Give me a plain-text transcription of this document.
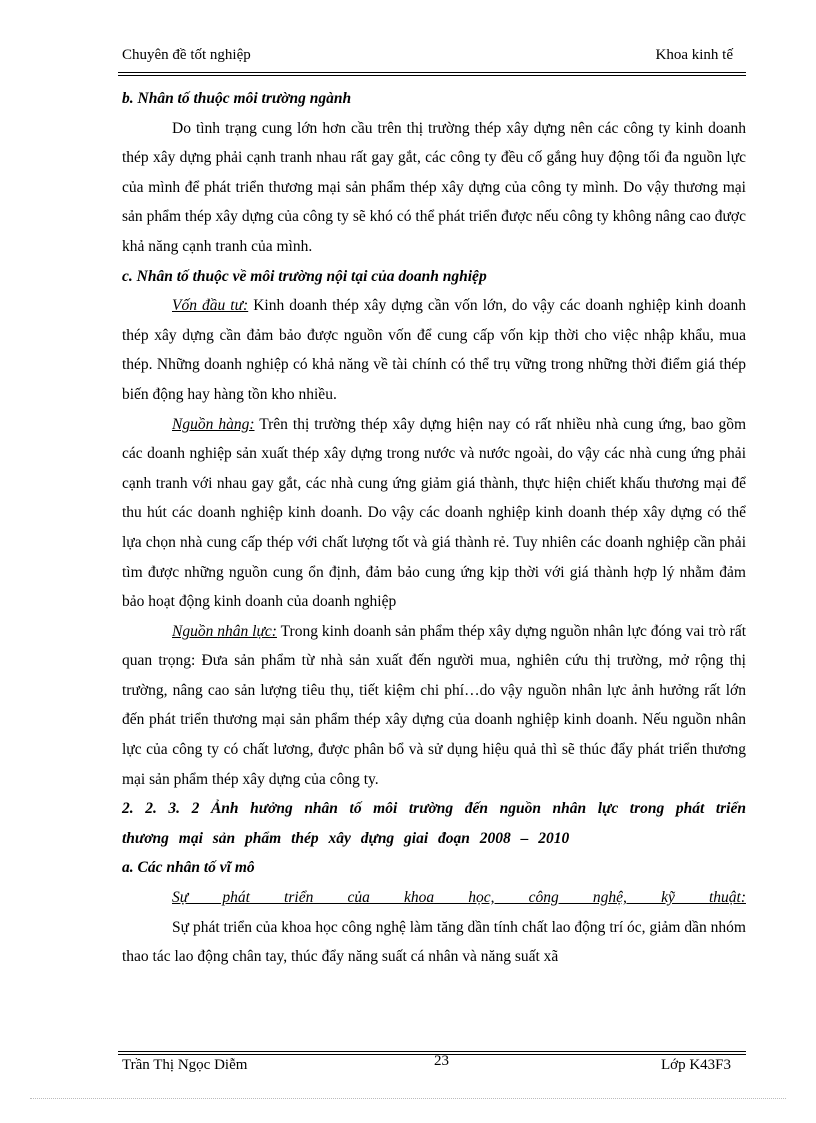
Chuyên đề tốt nghiệp	Khoa kinh tế

b. Nhân tố thuộc môi trường ngành

Do tình trạng cung lớn hơn cầu trên thị trường thép xây dựng nên các công ty kinh doanh thép xây dựng phải cạnh tranh nhau rất gay gắt, các công ty đều cố gắng huy động tối đa nguồn lực của mình để phát triển thương mại sản phẩm thép xây dựng của công ty mình. Do vậy thương mại sản phẩm thép xây dựng của công ty sẽ khó có thể phát triển được nếu công ty không nâng cao được khả năng cạnh tranh của mình.

c. Nhân tố thuộc về môi trường nội tại của doanh nghiệp

Vốn đầu tư: Kinh doanh thép xây dựng cần vốn lớn, do vậy các doanh nghiệp kinh doanh thép xây dựng cần đảm bảo được nguồn vốn để cung cấp vốn kịp thời cho việc nhập khẩu, mua thép. Những doanh nghiệp có khả năng về tài chính có thể trụ vững trong những thời điểm giá thép biến động hay hàng tồn kho nhiều.

Nguồn hàng: Trên thị trường thép xây dựng hiện nay có rất nhiều nhà cung ứng, bao gồm các doanh nghiệp sản xuất thép xây dựng trong nước và nước ngoài, do vậy các nhà cung ứng phải cạnh tranh với nhau gay gắt, các nhà cung ứng giảm giá thành, thực hiện chiết khấu thương mại để thu hút các doanh nghiệp kinh doanh. Do vậy các doanh nghiệp kinh doanh thép xây dựng có thể lựa chọn nhà cung cấp thép với chất lượng tốt và giá thành rẻ. Tuy nhiên các doanh nghiệp cần phải tìm được những nguồn cung ổn định, đảm bảo cung ứng kịp thời với giá thành hợp lý nhằm đảm bảo hoạt động kinh doanh của doanh nghiệp

Nguồn nhân lực: Trong kinh doanh sản phẩm thép xây dựng nguồn nhân lực đóng vai trò rất quan trọng: Đưa sản phẩm từ nhà sản xuất đến người mua, nghiên cứu thị trường, mở rộng thị trường, nâng cao sản lượng tiêu thụ, tiết kiệm chi phí…do vậy nguồn nhân lực ảnh hưởng rất lớn đến phát triển thương mại sản phẩm thép xây dựng của doanh nghiệp kinh doanh. Nếu nguồn nhân lực của công ty có chất lương, được phân bổ và sử dụng hiệu quả thì sẽ thúc đẩy phát triển thương mại sản phẩm thép xây dựng của công ty.

2. 2. 3. 2 Ảnh hưởng nhân tố môi trường đến nguồn nhân lực trong phát triển thương mại sản phẩm thép xây dựng giai đoạn 2008 – 2010

a. Các nhân tố vĩ mô

Sự phát triển của khoa học, công nghệ, kỹ thuật:

Sự phát triển của khoa học công nghệ làm tăng dần tính chất lao động trí óc, giảm dần nhóm thao tác lao động chân tay, thúc đẩy năng suất cá nhân và năng suất xã

Trần Thị Ngọc Diễm	23	Lớp K43F3
